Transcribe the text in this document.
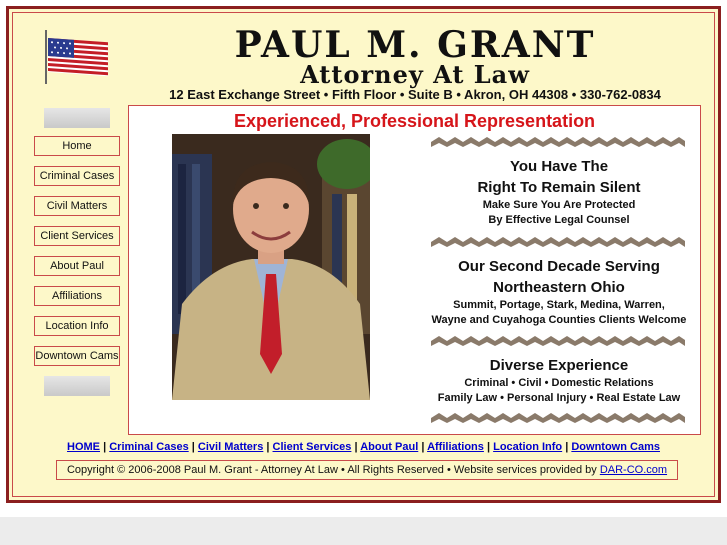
PAUL M. GRANT
Attorney At Law
12 East Exchange Street • Fifth Floor • Suite B • Akron, OH 44308 • 330-762-0834
Home
Criminal Cases
Civil Matters
Client Services
About Paul
Affiliations
Location Info
Downtown Cams
Experienced, Professional Representation
You Have The
Right To Remain Silent
Make Sure You Are Protected
By Effective Legal Counsel
Our Second Decade Serving
Northeastern Ohio
Summit, Portage, Stark, Medina, Warren,
Wayne and Cuyahoga Counties Clients Welcome
Diverse Experience
Criminal • Civil • Domestic Relations
Family Law • Personal Injury • Real Estate Law
HOME | Criminal Cases | Civil Matters | Client Services | About Paul | Affiliations | Location Info | Downtown Cams
Copyright © 2006-2008 Paul M. Grant - Attorney At Law • All Rights Reserved • Website services provided by DAR-CO.com
